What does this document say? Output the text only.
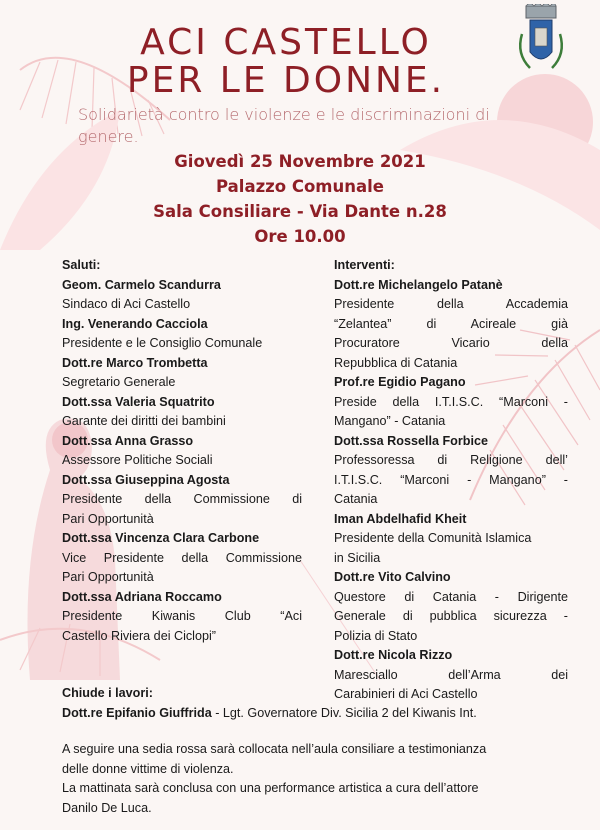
ACI CASTELLO
PER LE DONNE.
Solidarietà contro le violenze e le discriminazioni di genere.
Giovedì 25 Novembre 2021
Palazzo Comunale
Sala Consiliare - Via Dante n.28
Ore 10.00
Saluti:
Geom. Carmelo Scandurra
Sindaco di Aci Castello
Ing. Venerando Cacciola
Presidente e le Consiglio Comunale
Dott.re Marco Trombetta
Segretario Generale
Dott.ssa Valeria Squatrito
Garante dei diritti dei bambini
Dott.ssa Anna Grasso
Assessore Politiche Sociali
Dott.ssa Giuseppina Agosta
Presidente della Commissione di
Pari Opportunità
Dott.ssa Vincenza Clara Carbone
Vice Presidente della Commissione
Pari Opportunità
Dott.ssa Adriana Roccamo
Presidente Kiwanis Club “Aci
Castello Riviera dei Ciclopi”
Interventi:
Dott.re Michelangelo Patanè
Presidente della Accademia
“Zelantea” di Acireale già
Procuratore Vicario della
Repubblica di Catania
Prof.re Egidio Pagano
Preside della I.T.I.S.C. “Marconi -
Mangano” - Catania
Dott.ssa Rossella Forbice
Professoressa di Religione dell’
I.T.I.S.C. “Marconi - Mangano” -
Catania
Iman Abdelhafid Kheit
Presidente della Comunità Islamica
in Sicilia
Dott.re Vito Calvino
Questore di Catania - Dirigente
Generale di pubblica sicurezza -
Polizia di Stato
Dott.re Nicola Rizzo
Maresciallo dell’Arma dei
Carabinieri di Aci Castello
Chiude i lavori:
Dott.re Epifanio Giuffrida - Lgt. Governatore Div. Sicilia 2 del Kiwanis Int.
A seguire una sedia rossa sarà collocata nell’aula consiliare a testimonianza
delle donne vittime di violenza.
La mattinata sarà conclusa con una performance artistica a cura dell’attore
Danilo De Luca.
